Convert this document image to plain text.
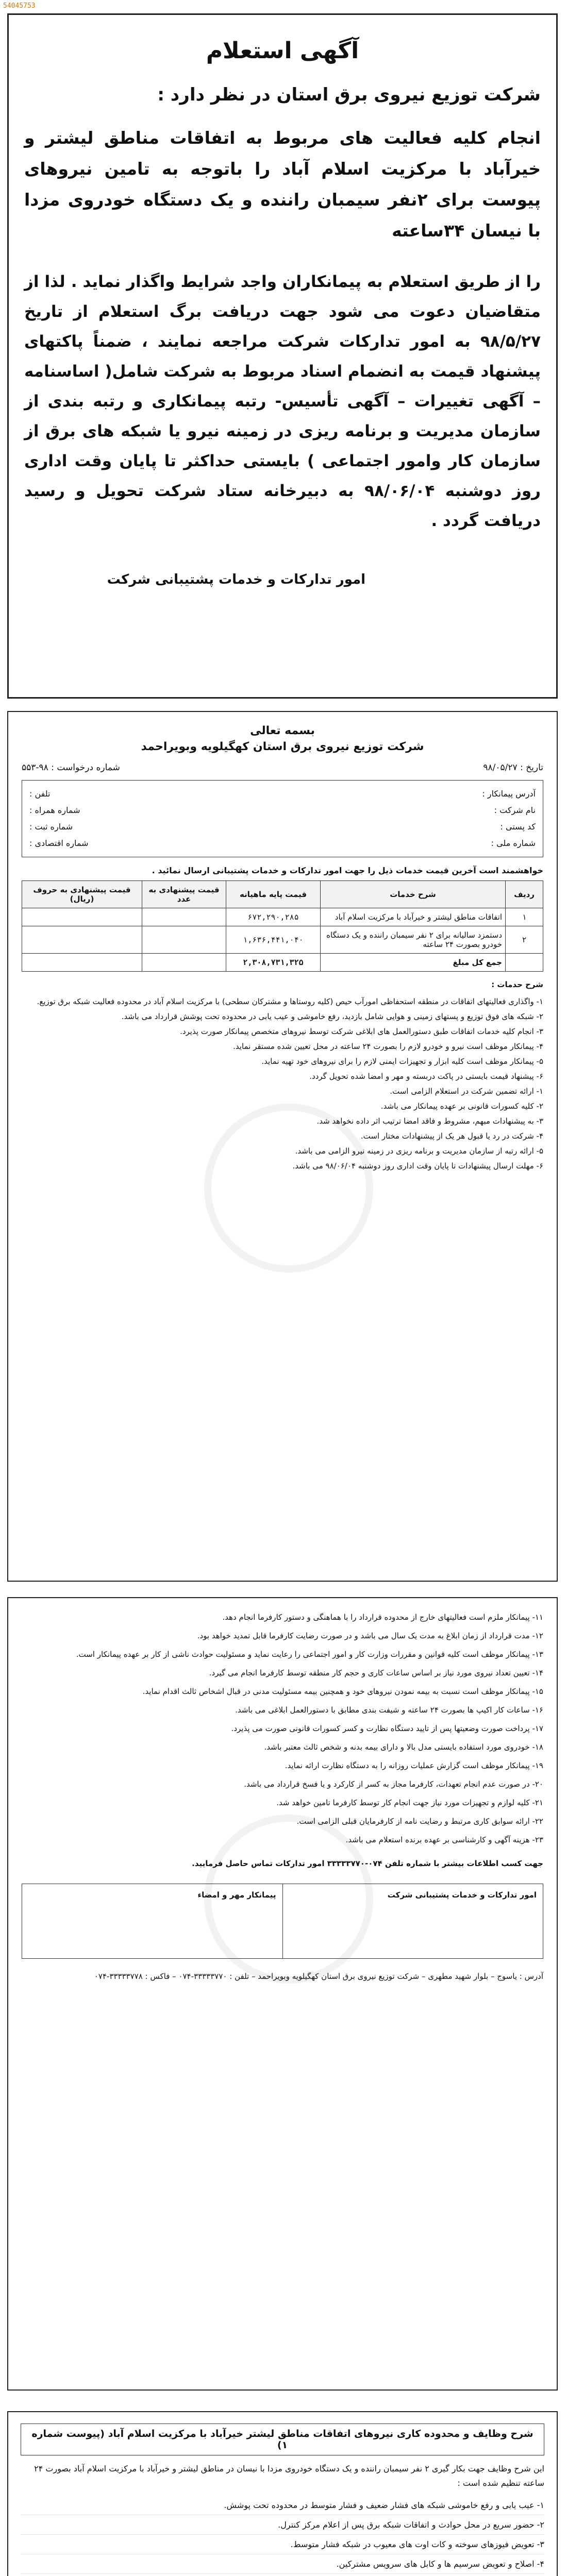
54045753
آگهی استعلام
شرکت توزیع نیروی برق استان در نظر دارد :
انجام کلیه فعالیت های مربوط به اتفاقات مناطق لیشتر و خیرآباد با مرکزیت اسلام آباد را باتوجه به تامین نیروهای پیوست برای ۲نفر سیمبان راننده و یک دستگاه خودروی مزدا با نیسان ۳۴ساعته
را از طریق استعلام به پیمانکاران واجد شرایط واگذار نماید . لذا از متقاضیان دعوت می شود جهت دریافت برگ استعلام از تاریخ ۹۸/۵/۲۷ به امور تدارکات شرکت مراجعه نمایند ، ضمناً پاکتهای پیشنهاد قیمت به انضمام اسناد مربوط به شرکت شامل( اساسنامه – آگهی تغییرات – آگهی تأسیس- رتبه پیمانکاری و رتبه بندی از سازمان مدیریت و برنامه ریزی در زمینه نیرو یا شبکه های برق از سازمان کار وامور اجتماعی ) بایستی حداکثر تا پایان وقت اداری روز دوشنبه ۹۸/۰۶/۰۴ به دبیرخانه ستاد شرکت تحویل و رسید دریافت گردد .
امور تدارکات و خدمات پشتیبانی شرکت
بسمه تعالی
شرکت توزیع نیروی برق استان کهگیلویه وبویراحمد
تاریخ : ۹۸/۰۵/۲۷
شماره درخواست : ۹۸-۵۵۳
آدرس پیمانکار :
تلفن :
نام شرکت :
شماره همراه :
کد پستی :
شماره ثبت :
شماره ملی :
شماره اقتصادی :
خواهشمند است آخرین قیمت خدمات ذیل را جهت امور تدارکات و خدمات پشتیبانی ارسال نمائید .
ردیف	شرح خدمات	قیمت پایه ماهیانه	قیمت پیشنهادی به عدد	قیمت پیشنهادی به حروف (ریال)
۱	اتفاقات مناطق لیشتر و خیرآباد با مرکزیت اسلام آباد	۶۷۲,۲۹۰,۲۸۵		
۲	دستمزد سالیانه برای ۲ نفر سیمبان راننده و یک دستگاه خودرو بصورت ۲۴ ساعته	۱,۶۳۶,۴۴۱,۰۴۰		
	جمع کل مبلغ	۲,۳۰۸,۷۳۱,۳۲۵		

شرح حدمات :

۱- واگذاری فعالیتهای اتفاقات در منطقه استحفاظی امورآب حیص (کلیه روستاها و مشترکان سطحی) با مرکزیت اسلام آباد در محدوده فعالیت شبکه برق توزیع.

۲- شبکه های فوق توزیع و پستهای زمینی و هوایی شامل بازدید، رفع خاموشی و عیب یابی در محدوده تحت پوشش قرارداد می باشد.

۳- انجام کلیه خدمات اتفاقات طبق دستورالعمل های ابلاغی شرکت توسط نیروهای متخصص پیمانکار صورت پذیرد.

۴- پیمانکار موظف است نیرو و خودرو لازم را بصورت ۲۴ ساعته در محل تعیین شده مستقر نماید.

۵- پیمانکار موظف است کلیه ابزار و تجهیزات ایمنی لازم را برای نیروهای خود تهیه نماید.

۶- پیشنهاد قیمت بایستی در پاکت دربسته و مهر و امضا شده تحویل گردد.

۱- ارائه تضمین شرکت در استعلام الزامی است.

۲- کلیه کسورات قانونی بر عهده پیمانکار می باشد.

۳- به پیشنهادات مبهم، مشروط و فاقد امضا ترتیب اثر داده نخواهد شد.

۴- شرکت در رد یا قبول هر یک از پیشنهادات مختار است.

۵- ارائه رتبه از سازمان مدیریت و برنامه ریزی در زمینه نیرو الزامی می باشد.

۶- مهلت ارسال پیشنهادات تا پایان وقت اداری روز دوشنبه ۹۸/۰۶/۰۴ می باشد.

۱۱- پیمانکار ملزم است فعالیتهای خارج از محدوده قرارداد را با هماهنگی و دستور کارفرما انجام دهد.

۱۲- مدت قرارداد از زمان ابلاغ به مدت یک سال می باشد و در صورت رضایت کارفرما قابل تمدید خواهد بود.

۱۳- پیمانکار موظف است کلیه قوانین و مقررات وزارت کار و امور اجتماعی را رعایت نماید و مسئولیت حوادث ناشی از کار بر عهده پیمانکار است.

۱۴- تعیین تعداد نیروی مورد نیاز بر اساس ساعات کاری و حجم کار منطقه توسط کارفرما انجام می گیرد.

۱۵- پیمانکار موظف است نسبت به بیمه نمودن نیروهای خود و همچنین بیمه مسئولیت مدنی در قبال اشخاص ثالث اقدام نماید.

۱۶- ساعات کار اکیپ ها بصورت ۲۴ ساعته و شیفت بندی مطابق با دستورالعمل ابلاغی می باشد.

۱۷- پرداخت صورت وضعیتها پس از تایید دستگاه نظارت و کسر کسورات قانونی صورت می پذیرد.

۱۸- خودروی مورد استفاده بایستی مدل بالا و دارای بیمه بدنه و شخص ثالث معتبر باشد.

۱۹- پیمانکار موظف است گزارش عملیات روزانه را به دستگاه نظارت ارائه نماید.

۲۰- در صورت عدم انجام تعهدات، کارفرما مجاز به کسر از کارکرد و یا فسخ قرارداد می باشد.

۲۱- کلیه لوازم و تجهیزات مورد نیاز جهت انجام کار توسط کارفرما تامین خواهد شد.

۲۲- ارائه سوابق کاری مرتبط و رضایت نامه از کارفرمایان قبلی الزامی است.

۲۳- هزینه آگهی و کارشناسی بر عهده برنده استعلام می باشد.

جهت کسب اطلاعات بیشتر با شماره تلفن ۰۷۴-۳۳۳۳۳۷۷۰ امور تدارکات تماس حاصل فرمایید.

امور تدارکات و خدمات پشتیبانی شرکت
پیمانکار مهر و امضاء
آدرس : یاسوج – بلوار شهید مطهری – شرکت توزیع نیروی برق استان کهگیلویه وبویراحمد – تلفن : ۳۳۳۳۳۷۷۰-۰۷۴ – فاکس : ۳۳۳۳۳۷۷۸-۰۷۴
شرح وظایف و محدوده کاری نیروهای اتفاقات مناطق لیشتر خیرآباد با مرکزیت اسلام آباد (پیوست شماره ۱)
این شرح وظایف جهت بکار گیری ۲ نفر سیمبان راننده و یک دستگاه خودروی مزدا با نیسان در مناطق لیشتر و خیرآباد با مرکزیت اسلام آباد بصورت ۲۴ ساعته تنظیم شده است :

۱- عیب یابی و رفع خاموشی شبکه های فشار ضعیف و فشار متوسط در محدوده تحت پوشش.

۲- حضور سریع در محل حوادث و اتفاقات شبکه برق پس از اعلام مرکز کنترل.

۳- تعویض فیوزهای سوخته و کات اوت های معیوب در شبکه فشار متوسط.

۴- اصلاح و تعویض سرسیم ها و کابل های سرویس مشترکین.
